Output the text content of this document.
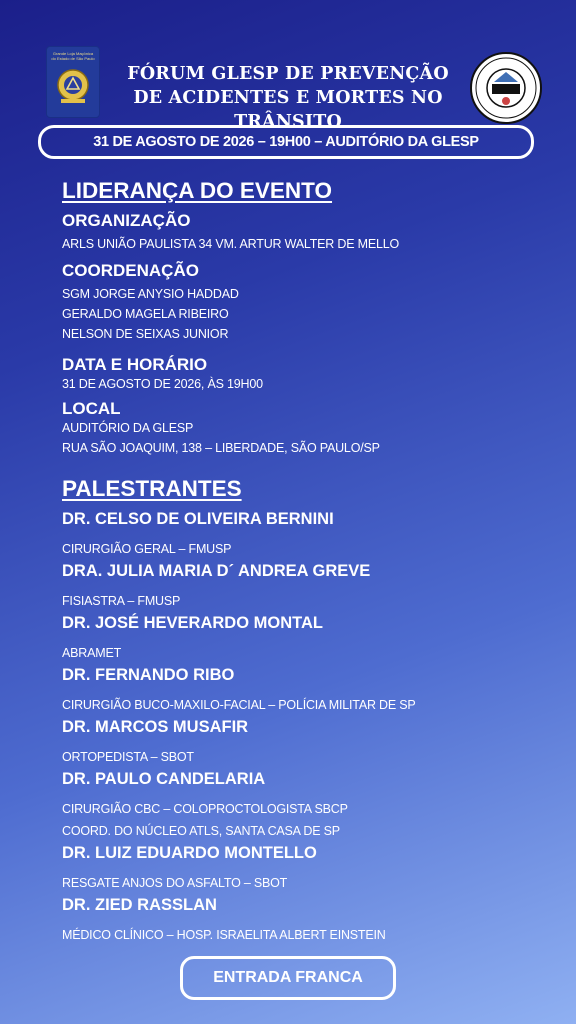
Grande Loja Maçônica do Estado de São Paulo
FÓRUM GLESP DE PREVENÇÃO
DE ACIDENTES E MORTES NO TRÂNSITO
31 DE AGOSTO DE 2026 – 19H00 – AUDITÓRIO DA GLESP

LIDERANÇA DO EVENTO

ORGANIZAÇÃO

ARLS UNIÃO PAULISTA 34 VM. ARTUR WALTER DE MELLO

COORDENAÇÃO

SGM JORGE ANYSIO HADDAD

GERALDO MAGELA RIBEIRO

NELSON DE SEIXAS JUNIOR

DATA E HORÁRIO

31 DE AGOSTO DE 2026, ÀS 19H00

LOCAL

AUDITÓRIO DA GLESP

RUA SÃO JOAQUIM, 138 – LIBERDADE, SÃO PAULO/SP

PALESTRANTES

DR. CELSO DE OLIVEIRA BERNINI

CIRURGIÃO GERAL – FMUSP

DRA. JULIA MARIA D´ ANDREA GREVE

FISIASTRA – FMUSP

DR. JOSÉ HEVERARDO MONTAL

ABRAMET

DR. FERNANDO RIBO

CIRURGIÃO BUCO-MAXILO-FACIAL – POLÍCIA MILITAR DE SP

DR. MARCOS MUSAFIR

ORTOPEDISTA – SBOT

DR. PAULO CANDELARIA

CIRURGIÃO CBC – COLOPROCTOLOGISTA SBCP

COORD. DO NÚCLEO ATLS, SANTA CASA DE SP

DR. LUIZ EDUARDO MONTELLO

RESGATE ANJOS DO ASFALTO – SBOT

DR. ZIED RASSLAN

MÉDICO CLÍNICO – HOSP. ISRAELITA ALBERT EINSTEIN

ENTRADA FRANCA
